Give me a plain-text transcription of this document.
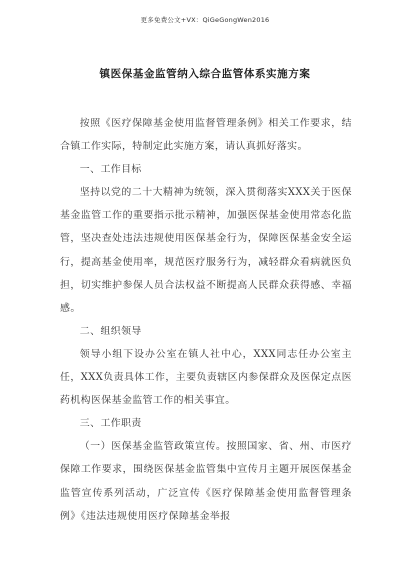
更多免费公文+VX：QiGeGongWen2016
镇医保基金监管纳入综合监管体系实施方案

按照《医疗保障基金使用监督管理条例》相关工作要求，结合镇工作实际，特制定此实施方案，请认真抓好落实。

一、工作目标

坚持以党的二十大精神为统领，深入贯彻落实XXX关于医保基金监管工作的重要指示批示精神，加强医保基金使用常态化监管，坚决查处违法违规使用医保基金行为，保障医保基金安全运行，提高基金使用率，规范医疗服务行为，减轻群众看病就医负担，切实维护参保人员合法权益不断提高人民群众获得感、幸福感。

二、组织领导

领导小组下设办公室在镇人社中心，XXX同志任办公室主任，XXX负责具体工作，主要负责辖区内参保群众及医保定点医药机构医保基金监管工作的相关事宜。

三、工作职责

（一）医保基金监管政策宣传。按照国家、省、州、市医疗保障工作要求，围绕医保基金监管集中宣传月主题开展医保基金监管宣传系列活动，广泛宣传《医疗保障基金使用监督管理条例》《违法违规使用医疗保障基金举报
